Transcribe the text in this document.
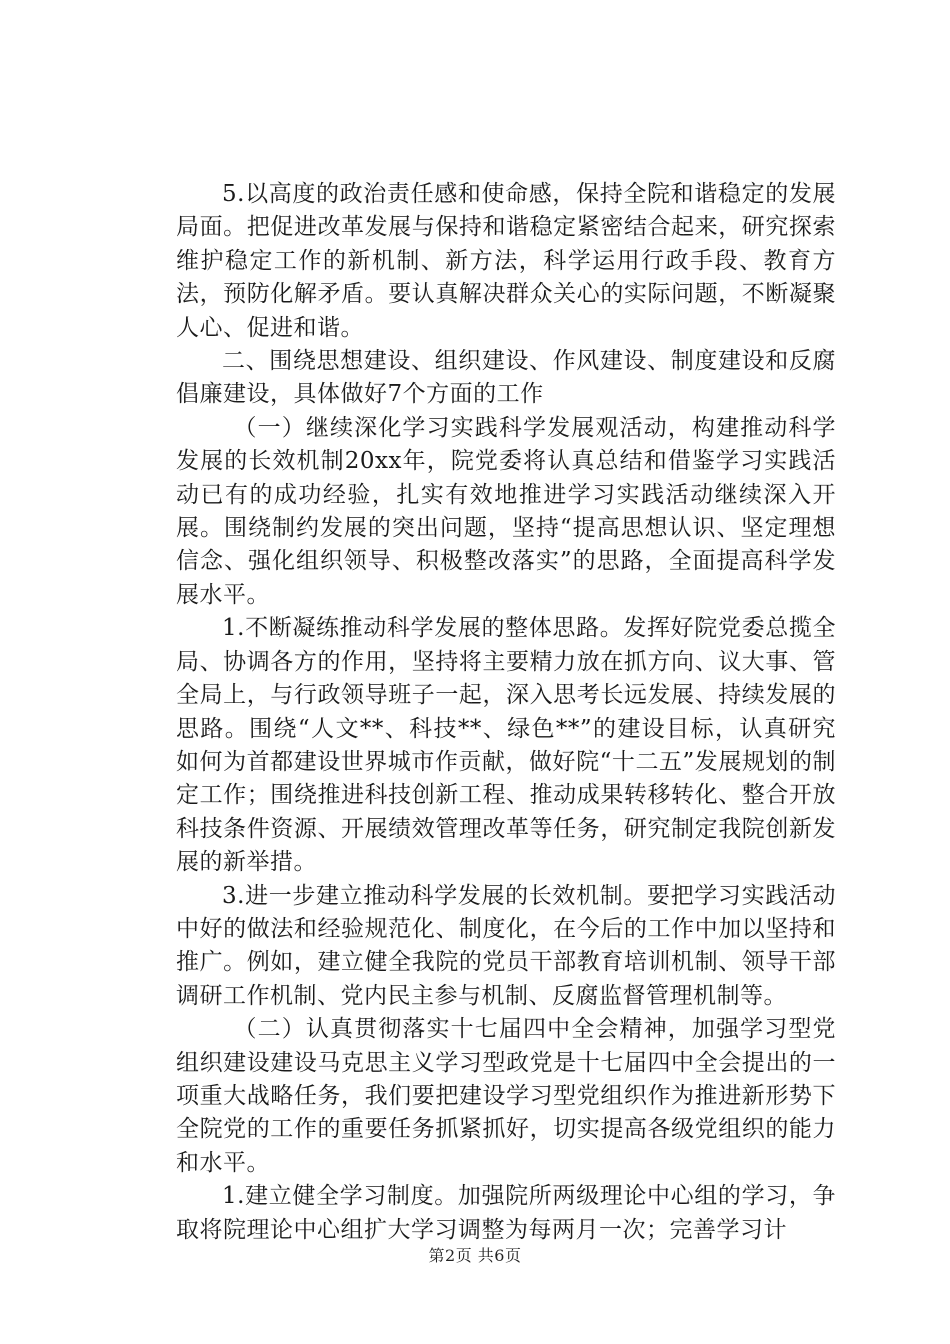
5.以高度的政治责任感和使命感，保持全院和谐稳定的发展局面。把促进改革发展与保持和谐稳定紧密结合起来，研究探索维护稳定工作的新机制、新方法，科学运用行政手段、教育方法，预防化解矛盾。要认真解决群众关心的实际问题，不断凝聚人心、促进和谐。

二、围绕思想建设、组织建设、作风建设、制度建设和反腐倡廉建设，具体做好7个方面的工作

（一）继续深化学习实践科学发展观活动，构建推动科学发展的长效机制20xx年，院党委将认真总结和借鉴学习实践活动已有的成功经验，扎实有效地推进学习实践活动继续深入开展。围绕制约发展的突出问题，坚持“提高思想认识、坚定理想信念、强化组织领导、积极整改落实”的思路，全面提高科学发展水平。

1.不断凝练推动科学发展的整体思路。发挥好院党委总揽全局、协调各方的作用，坚持将主要精力放在抓方向、议大事、管全局上，与行政领导班子一起，深入思考长远发展、持续发展的思路。围绕“人文**、科技**、绿色**”的建设目标，认真研究如何为首都建设世界城市作贡献，做好院“十二五”发展规划的制定工作；围绕推进科技创新工程、推动成果转移转化、整合开放科技条件资源、开展绩效管理改革等任务，研究制定我院创新发展的新举措。

3.进一步建立推动科学发展的长效机制。要把学习实践活动中好的做法和经验规范化、制度化，在今后的工作中加以坚持和推广。例如，建立健全我院的党员干部教育培训机制、领导干部调研工作机制、党内民主参与机制、反腐监督管理机制等。

（二）认真贯彻落实十七届四中全会精神，加强学习型党组织建设建设马克思主义学习型政党是十七届四中全会提出的一项重大战略任务，我们要把建设学习型党组织作为推进新形势下全院党的工作的重要任务抓紧抓好，切实提高各级党组织的能力和水平。

1.建立健全学习制度。加强院所两级理论中心组的学习，争取将院理论中心组扩大学习调整为每两月一次；完善学习计

第2页 共6页
